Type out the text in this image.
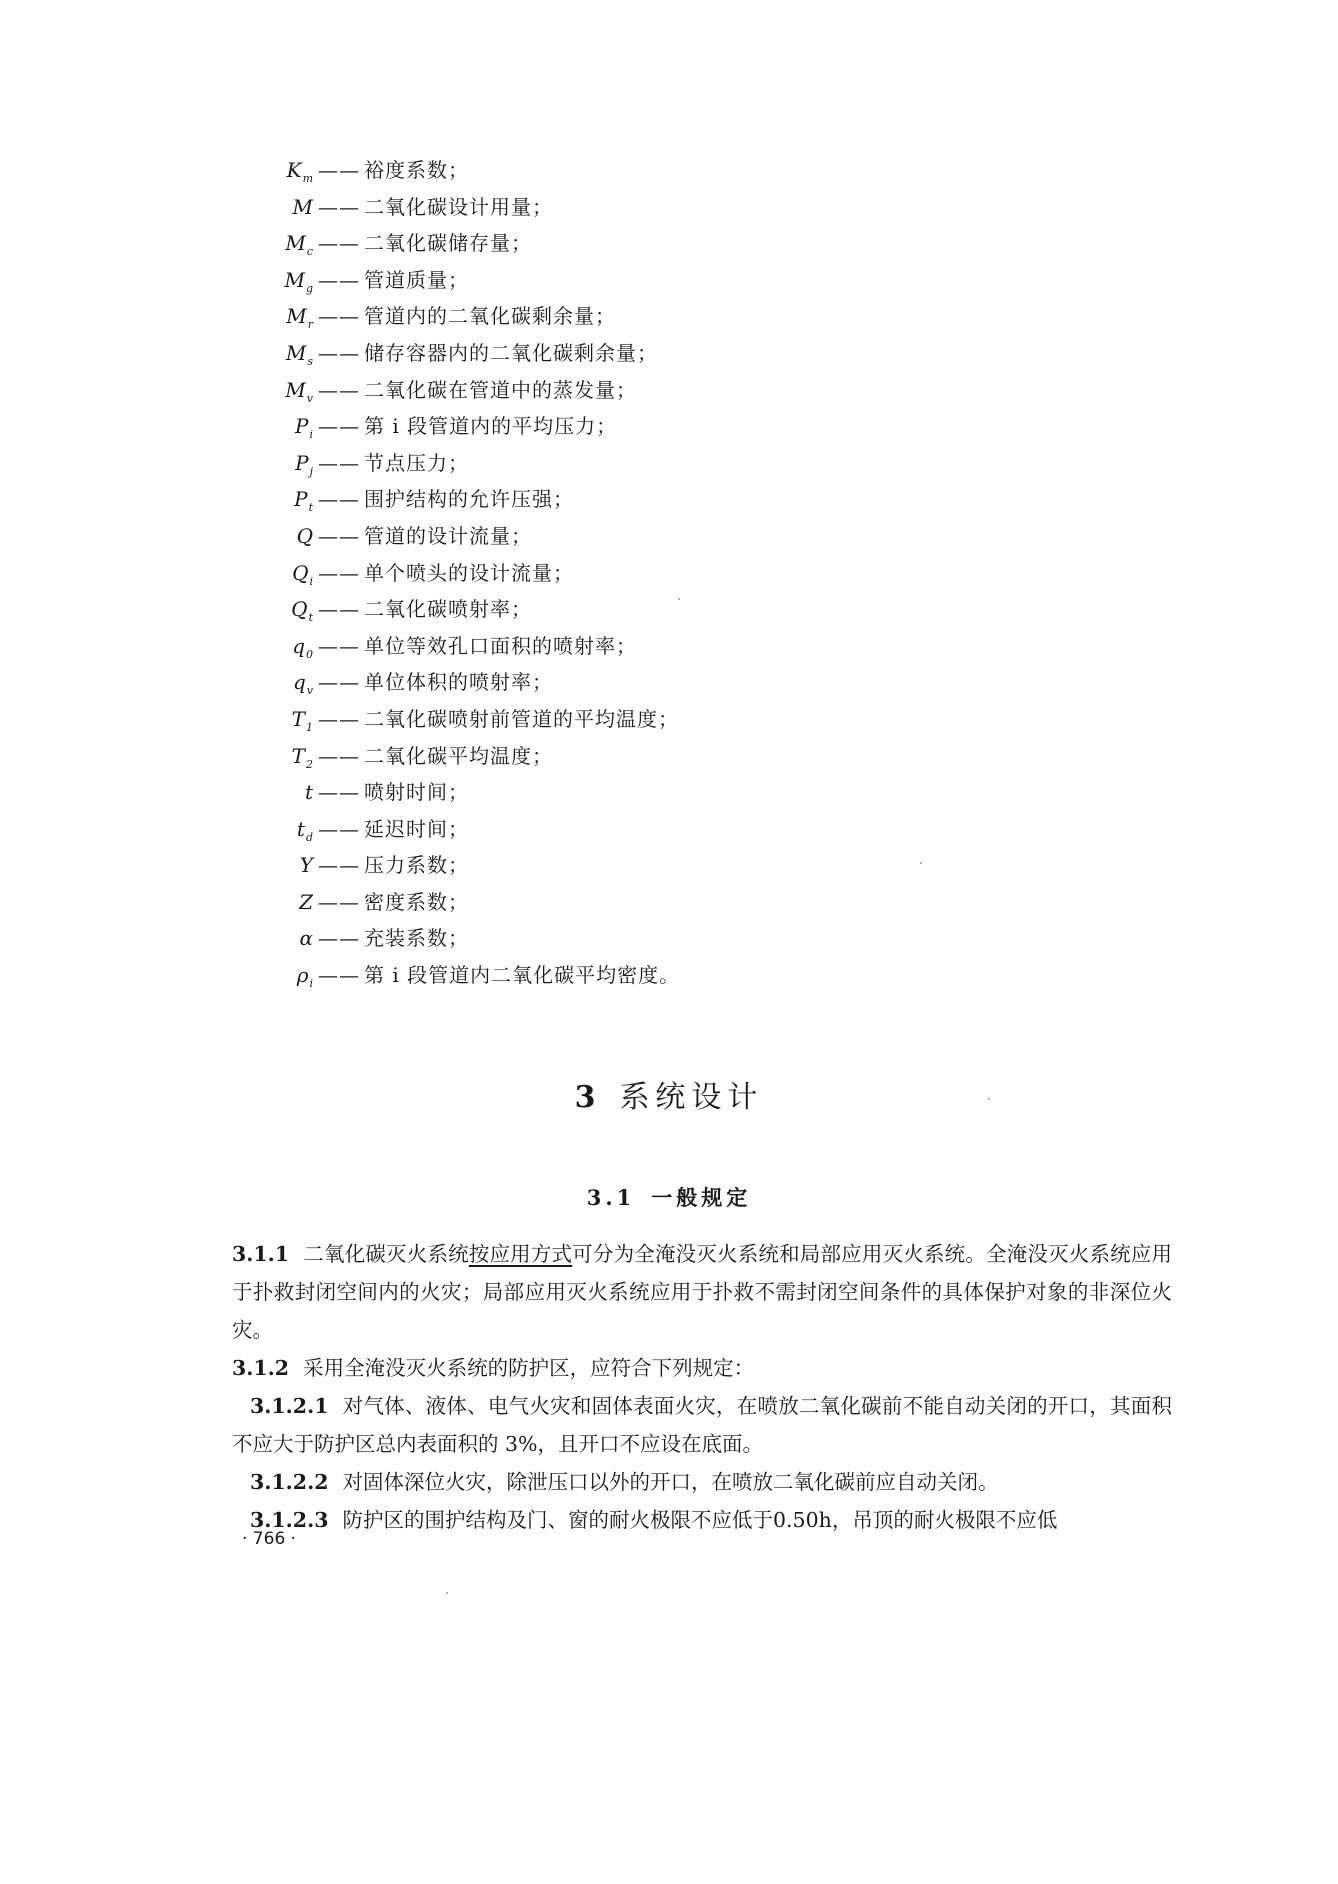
$K_m$ —— 裕度系数；
M —— 二氧化碳设计用量；
$M_c$ —— 二氧化碳储存量；
$M_g$ —— 管道质量；
$M_r$ —— 管道内的二氧化碳剩余量；
$M_s$ —— 储存容器内的二氧化碳剩余量；
$M_v$ —— 二氧化碳在管道中的蒸发量；
$P_i$ —— 第 i 段管道内的平均压力；
$P_j$ —— 节点压力；
$P_t$ —— 围护结构的允许压强；
Q —— 管道的设计流量；
$Q_i$ —— 单个喷头的设计流量；
$Q_t$ —— 二氧化碳喷射率；
$q_0$ —— 单位等效孔口面积的喷射率；
$q_v$ —— 单位体积的喷射率；
$T_1$ —— 二氧化碳喷射前管道的平均温度；
$T_2$ —— 二氧化碳平均温度；
t —— 喷射时间；
$t_d$ —— 延迟时间；
Y —— 压力系数；
Z —— 密度系数；
α —— 充装系数；
$\rho_i$ —— 第 i 段管道内二氧化碳平均密度。
3 系统设计
3.1 一般规定

3.1.1 二氧化碳灭火系统按应用方式可分为全淹没灭火系统和局部应用灭火系统。全淹没灭火系统应用于扑救封闭空间内的火灾；局部应用灭火系统应用于扑救不需封闭空间条件的具体保护对象的非深位火灾。

3.1.2 采用全淹没灭火系统的防护区，应符合下列规定：

3.1.2.1 对气体、液体、电气火灾和固体表面火灾，在喷放二氧化碳前不能自动关闭的开口，其面积不应大于防护区总内表面积的 3%，且开口不应设在底面。

3.1.2.2 对固体深位火灾，除泄压口以外的开口，在喷放二氧化碳前应自动关闭。

3.1.2.3 防护区的围护结构及门、窗的耐火极限不应低于0.50h，吊顶的耐火极限不应低

· 766 ·
